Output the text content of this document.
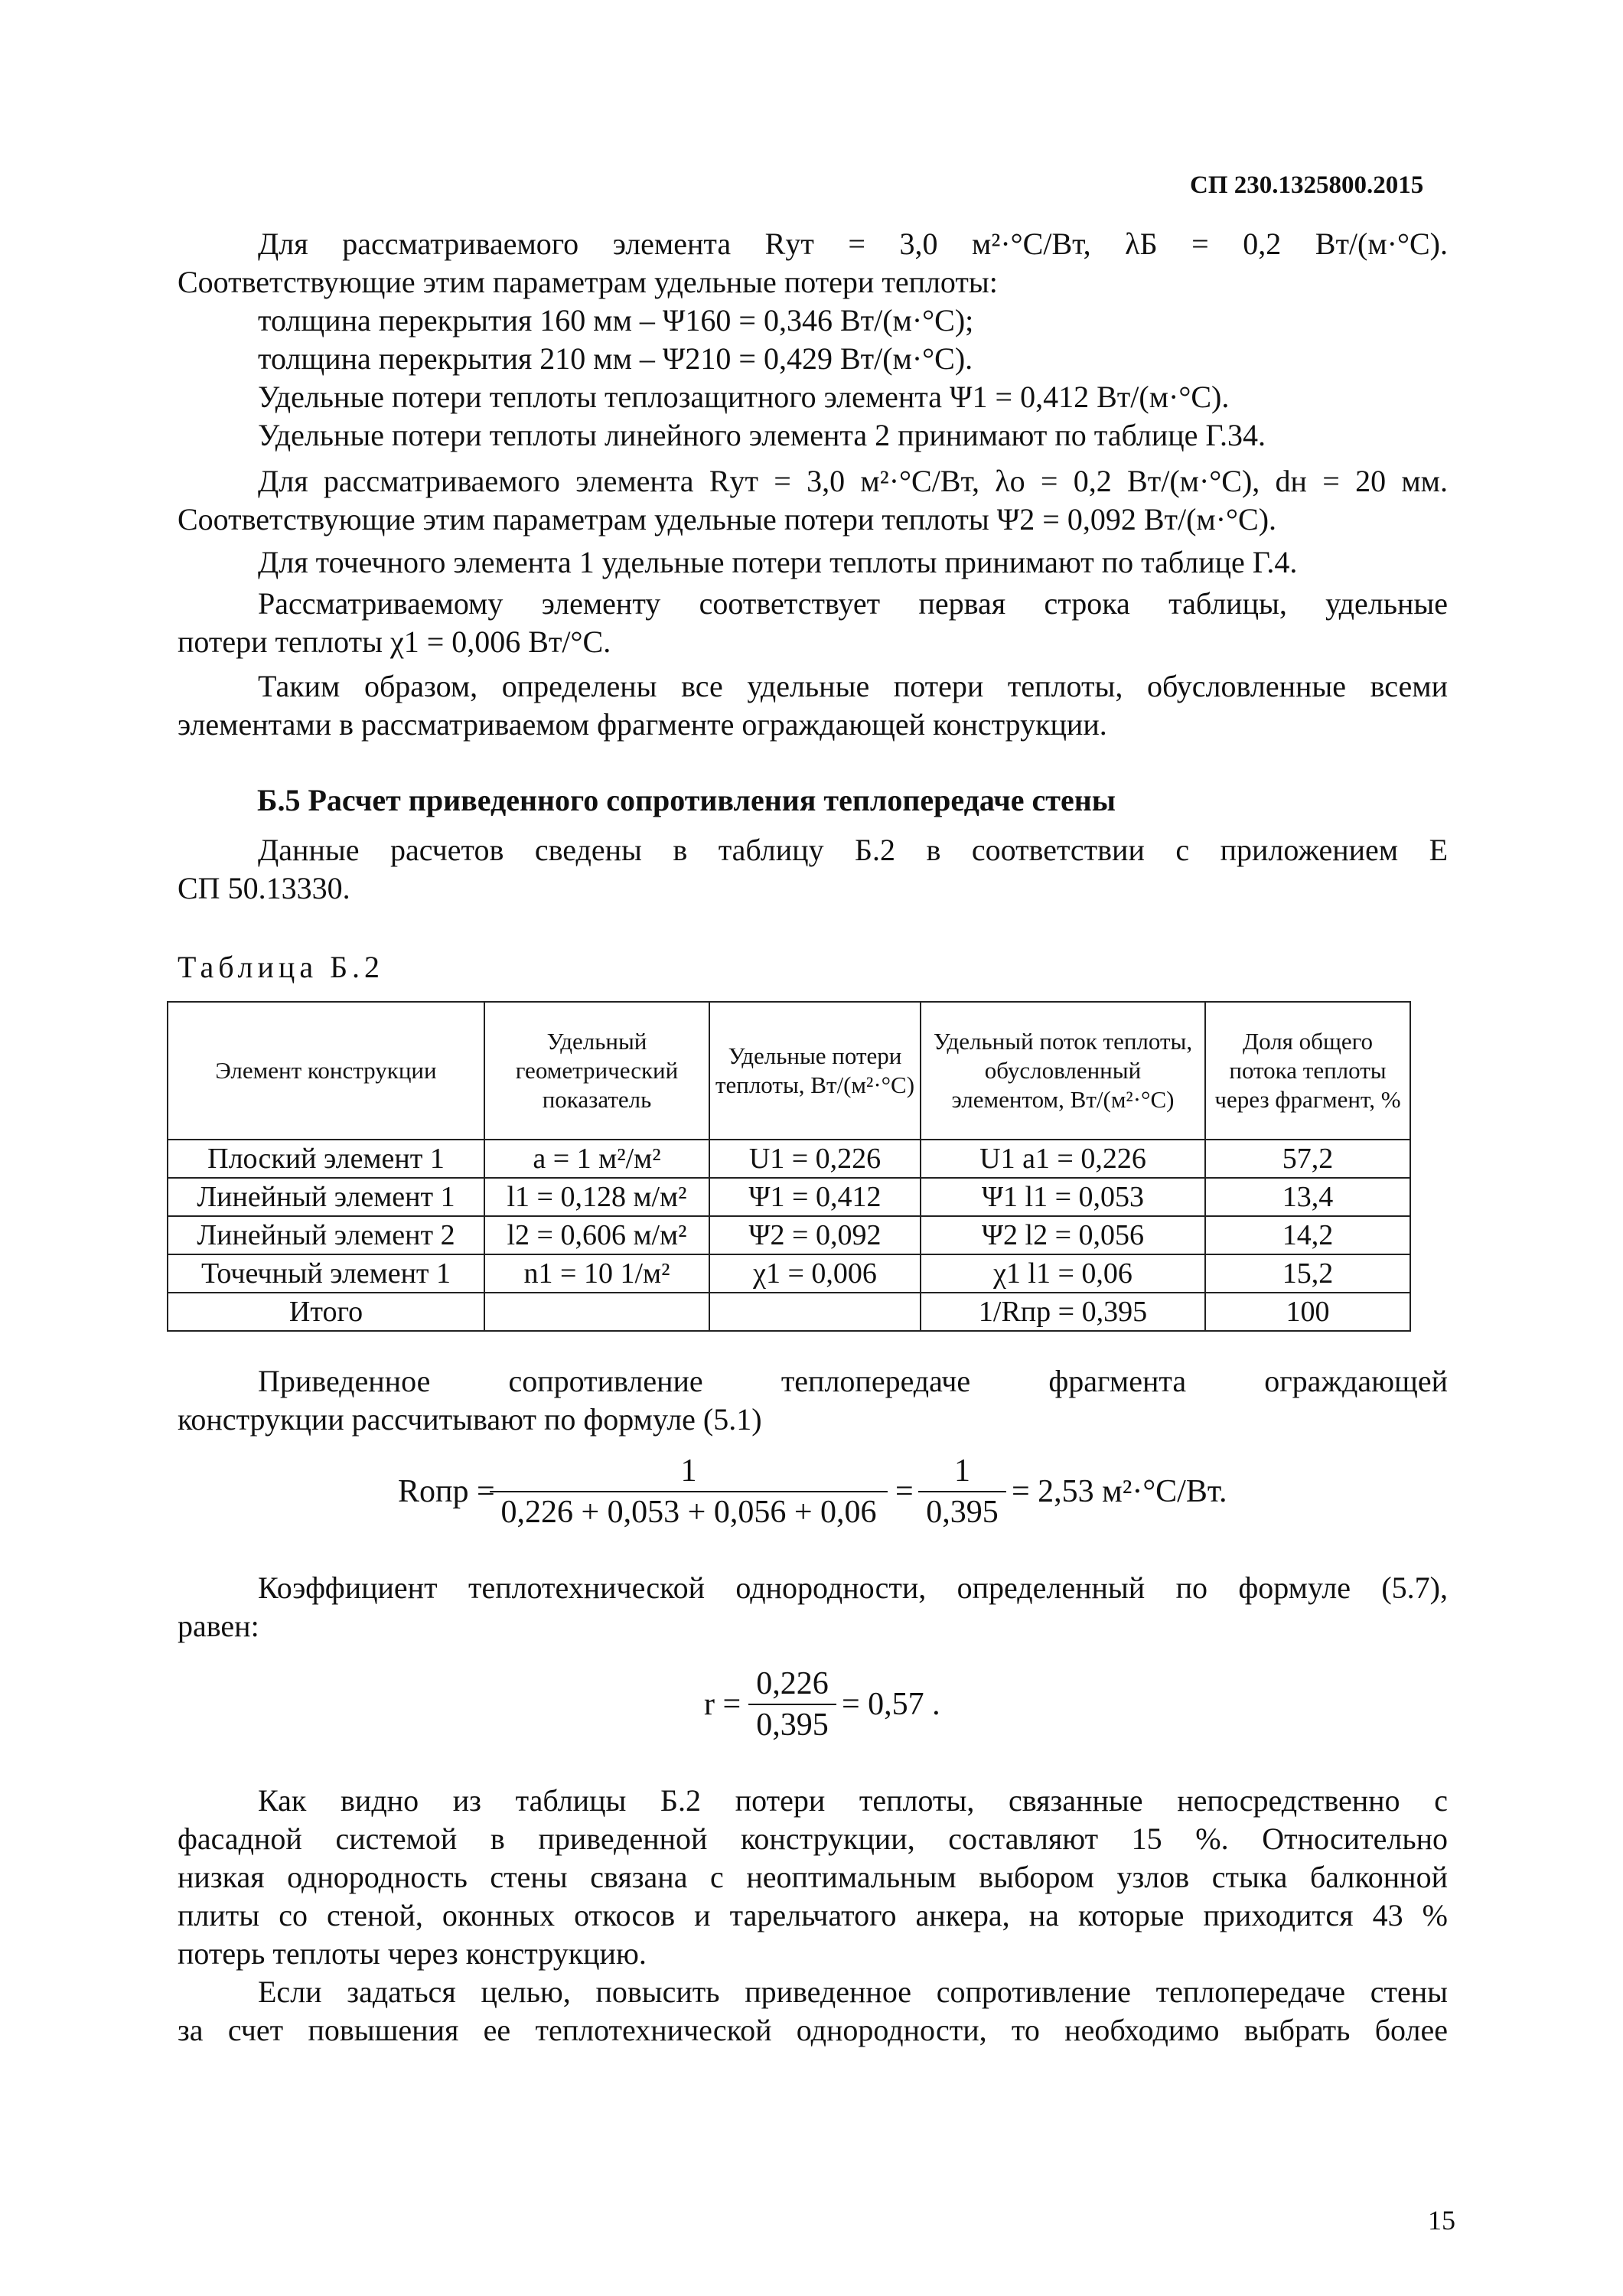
СП 230.1325800.2015
Для рассматриваемого элемента Rут = 3,0 м²·°С/Вт, λБ = 0,2 Вт/(м·°С).
Соответствующие этим параметрам удельные потери теплоты:
толщина перекрытия 160 мм – Ψ160 = 0,346 Вт/(м·°С);
толщина перекрытия 210 мм – Ψ210 = 0,429 Вт/(м·°С).
Удельные потери теплоты теплозащитного элемента Ψ1 = 0,412 Вт/(м·°С).
Удельные потери теплоты линейного элемента 2 принимают по таблице Г.34.
Для рассматриваемого элемента Rут = 3,0 м²·°С/Вт, λо = 0,2 Вт/(м·°С), dн = 20 мм.
Соответствующие этим параметрам удельные потери теплоты Ψ2 = 0,092 Вт/(м·°С).
Для точечного элемента 1 удельные потери теплоты принимают по таблице Г.4.
Рассматриваемому элементу соответствует первая строка таблицы, удельные
потери теплоты χ1 = 0,006 Вт/°С.
Таким образом, определены все удельные потери теплоты, обусловленные всеми
элементами в рассматриваемом фрагменте ограждающей конструкции.
Б.5 Расчет приведенного сопротивления теплопередаче стены
Данные расчетов сведены в таблицу Б.2 в соответствии с приложением Е
СП 50.13330.
Таблица Б.2
Элемент конструкции	Удельный геометрический показатель	Удельные потери теплоты, Вт/(м²·°С)	Удельный поток теплоты, обусловленный элементом, Вт/(м²·°С)	Доля общего потока теплоты через фрагмент, %
Плоский элемент 1	a = 1 м²/м²	U1 = 0,226	U1 a1 = 0,226	57,2
Линейный элемент 1	l1 = 0,128 м/м²	Ψ1 = 0,412	Ψ1 l1 = 0,053	13,4
Линейный элемент 2	l2 = 0,606 м/м²	Ψ2 = 0,092	Ψ2 l2 = 0,056	14,2
Точечный элемент 1	n1 = 10 1/м²	χ1 = 0,006	χ1 l1 = 0,06	15,2
Итого			1/Rпр = 0,395	100
Приведенное сопротивление теплопередаче фрагмента ограждающей
конструкции рассчитывают по формуле (5.1)
Rопр =
1
0,226 + 0,053 + 0,056 + 0,06
=
1
0,395
= 2,53 м²·°С/Вт.
Коэффициент теплотехнической однородности, определенный по формуле (5.7),
равен:
r =
0,226
0,395
= 0,57 .
Как видно из таблицы Б.2 потери теплоты, связанные непосредственно с
фасадной системой в приведенной конструкции, составляют 15 %. Относительно
низкая однородность стены связана с неоптимальным выбором узлов стыка балконной
плиты со стеной, оконных откосов и тарельчатого анкера, на которые приходится 43 %
потерь теплоты через конструкцию.
Если задаться целью, повысить приведенное сопротивление теплопередаче стены
за счет повышения ее теплотехнической однородности, то необходимо выбрать более
15
